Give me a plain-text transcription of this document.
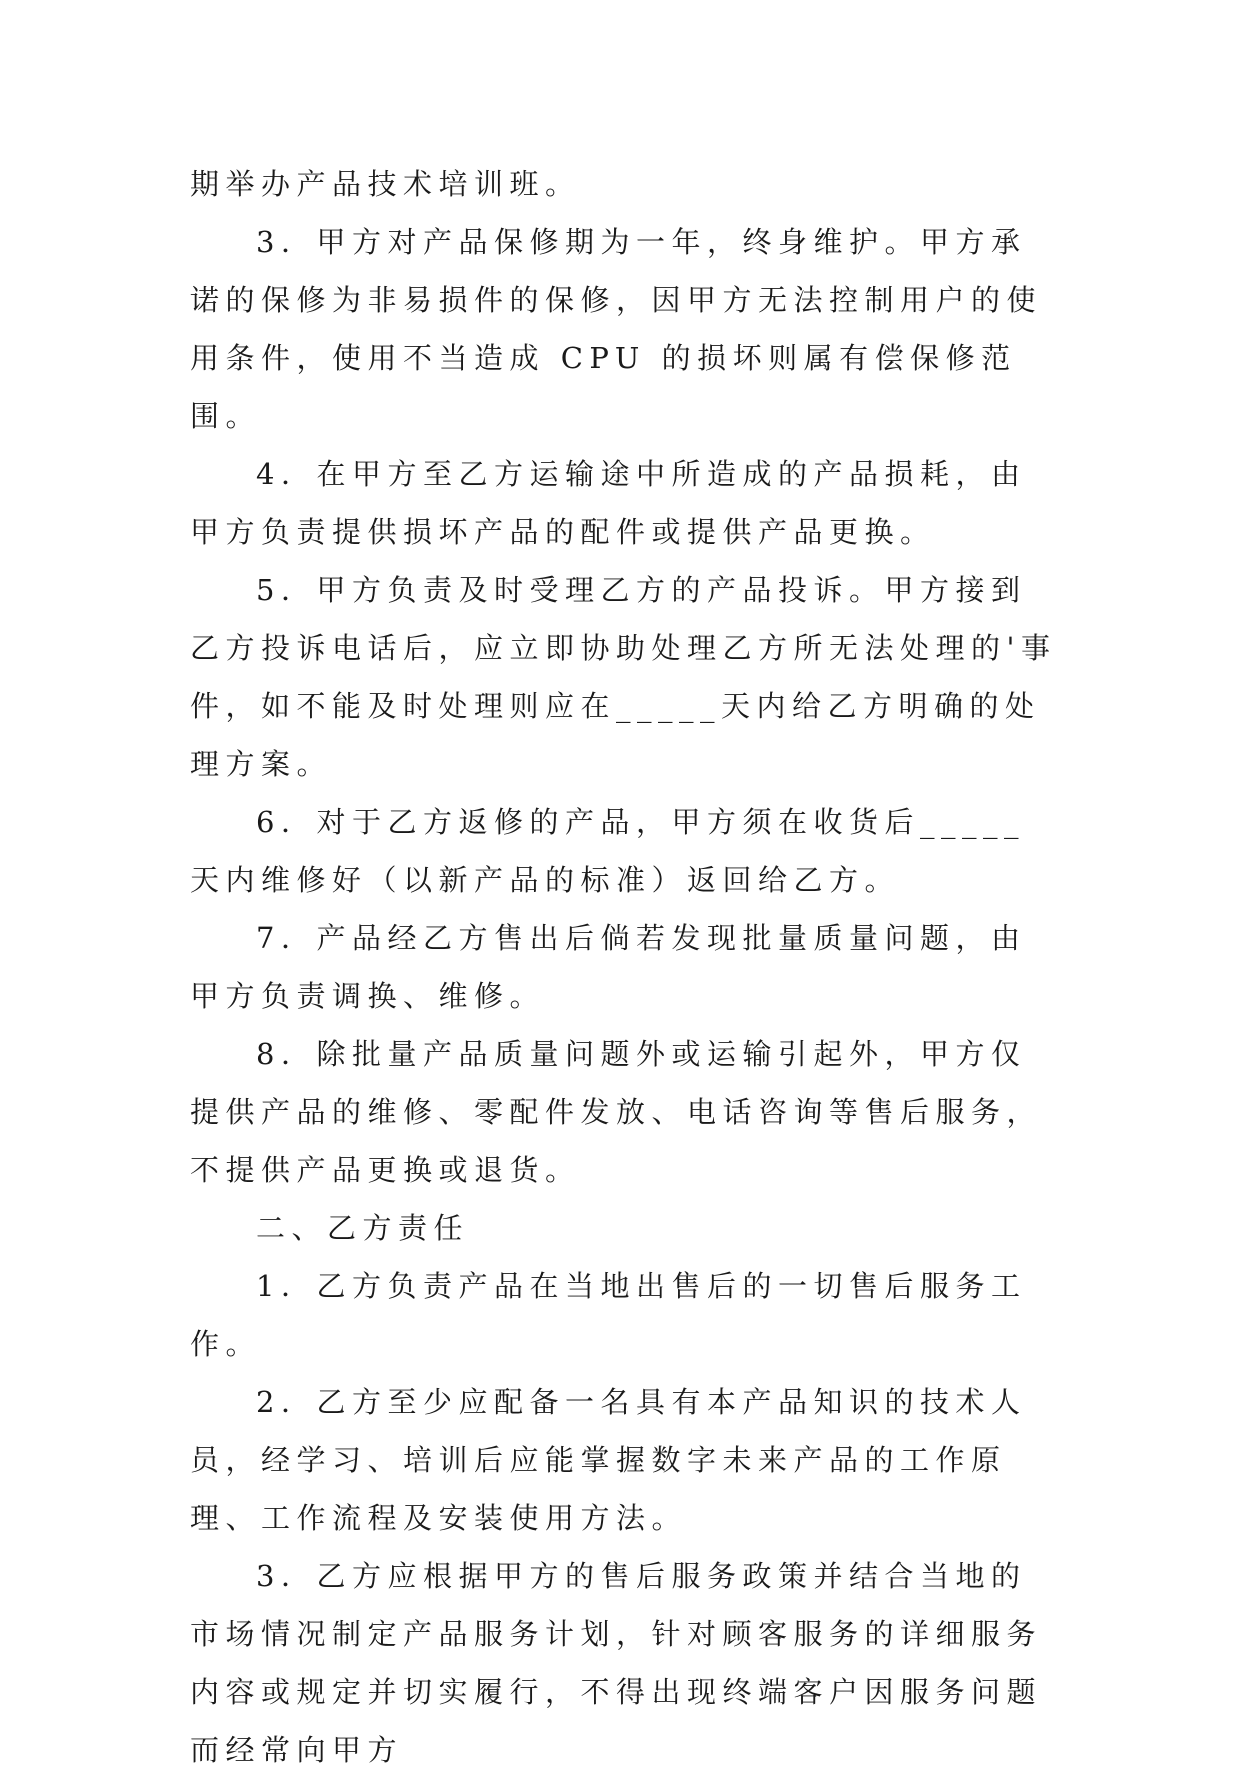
期举办产品技术培训班。

3．甲方对产品保修期为一年，终身维护。甲方承诺的保修为非易损件的保修，因甲方无法控制用户的使用条件，使用不当造成 CPU 的损坏则属有偿保修范围。

4．在甲方至乙方运输途中所造成的产品损耗，由甲方负责提供损坏产品的配件或提供产品更换。

5．甲方负责及时受理乙方的产品投诉。甲方接到乙方投诉电话后，应立即协助处理乙方所无法处理的'事件，如不能及时处理则应在_____天内给乙方明确的处理方案。

6．对于乙方返修的产品，甲方须在收货后_____天内维修好（以新产品的标准）返回给乙方。

7．产品经乙方售出后倘若发现批量质量问题，由甲方负责调换、维修。

8．除批量产品质量问题外或运输引起外，甲方仅提供产品的维修、零配件发放、电话咨询等售后服务，不提供产品更换或退货。

二、乙方责任

1．乙方负责产品在当地出售后的一切售后服务工作。

2．乙方至少应配备一名具有本产品知识的技术人员，经学习、培训后应能掌握数字未来产品的工作原理、工作流程及安装使用方法。

3．乙方应根据甲方的售后服务政策并结合当地的市场情况制定产品服务计划，针对顾客服务的详细服务内容或规定并切实履行，不得出现终端客户因服务问题而经常向甲方
